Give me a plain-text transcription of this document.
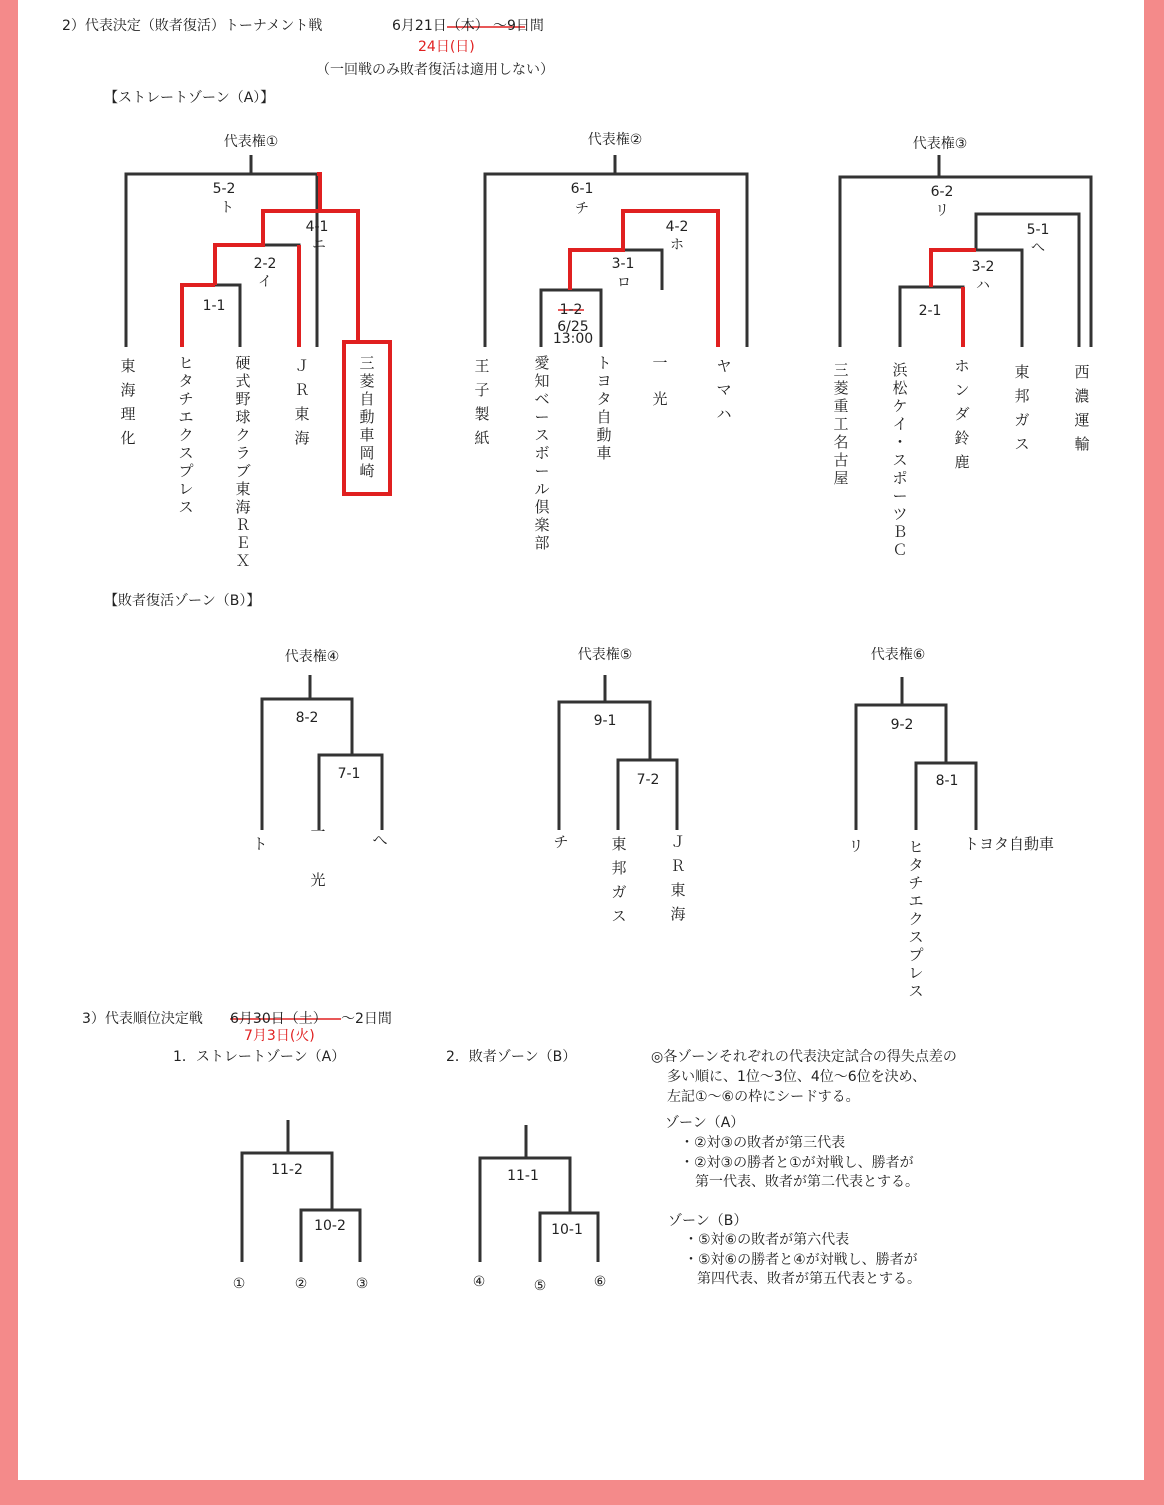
2）代表決定（敗者復活）トーナメント戦	6月21日（木） ～9日間
24日(日)
（一回戦のみ敗者復活は適用しない）
【ストレートゾーン（A）】
代表権①
5-2
ト
4-1
ニ
2-2
イ
1-1
東
海
理
化
ヒ
タ
チ
エ
ク
ス
プ
レ
ス
硬
式
野
球
ク
ラ
ブ
東
海
Ｒ
Ｅ
Ｘ
Ｊ
Ｒ
東
海
三
菱
自
動
車
岡
崎
代表権②
6-1
チ
4-2
ホ
3-1
ロ
1-2
6/25
13:00
王
子
製
紙
愛
知
ベ
ー
ス
ボ
ー
ル
倶
楽
部
ト
ヨ
タ
自
動
車
一

光
ヤ
マ
ハ
代表権③
6-2
リ
5-1
へ
3-2
ハ
2-1
三
菱
重
工
名
古
屋
浜
松
ケ
イ
・
ス
ポ
ー
ツ
Ｂ
Ｃ
ホ
ン
ダ
鈴
鹿
東
邦
ガ
ス
西
濃
運
輸
【敗者復活ゾーン（B）】
代表権④
8-2
7-1
ト
一

光
へ
代表権⑤
9-1
7-2
チ	東
邦
ガ
ス
Ｊ
Ｒ
東
海
代表権⑥
9-2
8-1
リ	ヒ
タ
チ
エ
ク
ス
プ
レ
ス
トヨタ自動車
3）代表順位決定戦 6月30日（土） ～2日間
7月3日(火)
1．ストレートゾーン（A）	2．敗者ゾーン（B）
11-2
10-2
①	②	③
11-1
10-1
④	⑤	⑥
◎各ゾーンそれぞれの代表決定試合の得失点差の
多い順に、1位～3位、4位～6位を決め、
左記①～⑥の枠にシードする。
ゾーン（A）
・②対③の敗者が第三代表
・②対③の勝者と①が対戦し、勝者が
第一代表、敗者が第二代表とする。
ゾーン（B）
・⑤対⑥の敗者が第六代表
・⑤対⑥の勝者と④が対戦し、勝者が
第四代表、敗者が第五代表とする。
